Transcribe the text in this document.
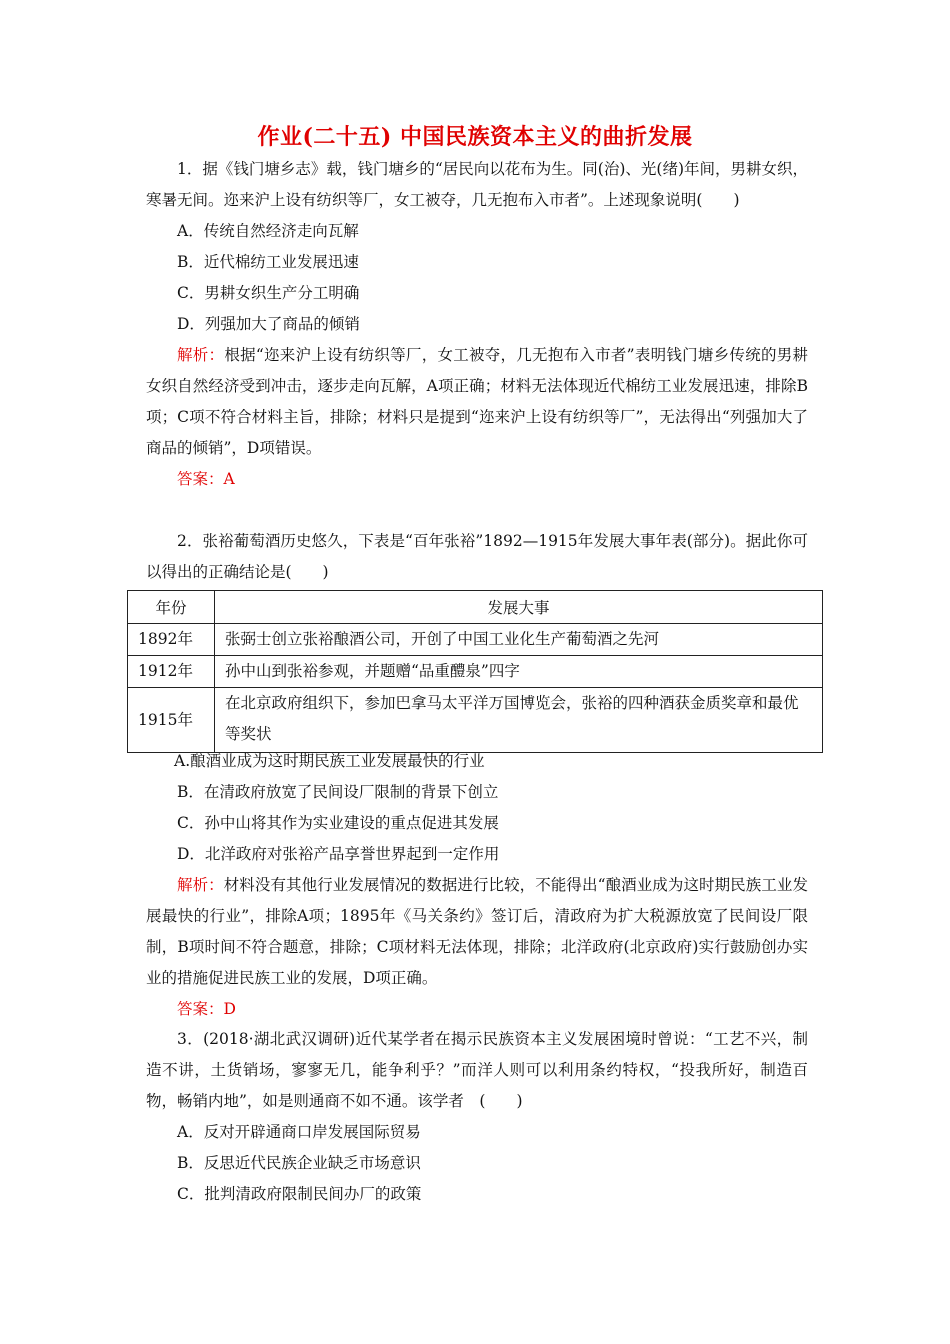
作业(二十五) 中国民族资本主义的曲折发展

1．据《钱门塘乡志》载，钱门塘乡的“居民向以花布为生。同(治)、光(绪)年间，男耕女织，寒暑无间。迩来沪上设有纺织等厂，女工被夺，几无抱布入市者”。上述现象说明(　　)

A．传统自然经济走向瓦解

B．近代棉纺工业发展迅速

C．男耕女织生产分工明确

D．列强加大了商品的倾销

解析：根据“迩来沪上设有纺织等厂，女工被夺，几无抱布入市者”表明钱门塘乡传统的男耕女织自然经济受到冲击，逐步走向瓦解，A项正确；材料无法体现近代棉纺工业发展迅速，排除B项；C项不符合材料主旨，排除；材料只是提到“迩来沪上设有纺织等厂”，无法得出“列强加大了商品的倾销”，D项错误。

答案：A

2．张裕葡萄酒历史悠久，下表是“百年张裕”1892—1915年发展大事年表(部分)。据此你可以得出的正确结论是(　　)

年份	发展大事
1892年	张弼士创立张裕酿酒公司，开创了中国工业化生产葡萄酒之先河
1912年	孙中山到张裕参观，并题赠“品重醴泉”四字
1915年	在北京政府组织下，参加巴拿马太平洋万国博览会，张裕的四种酒获金质奖章和最优等奖状

A.酿酒业成为这时期民族工业发展最快的行业

B．在清政府放宽了民间设厂限制的背景下创立

C．孙中山将其作为实业建设的重点促进其发展

D．北洋政府对张裕产品享誉世界起到一定作用

解析：材料没有其他行业发展情况的数据进行比较，不能得出“酿酒业成为这时期民族工业发展最快的行业”，排除A项；1895年《马关条约》签订后，清政府为扩大税源放宽了民间设厂限制，B项时间不符合题意，排除；C项材料无法体现，排除；北洋政府(北京政府)实行鼓励创办实业的措施促进民族工业的发展，D项正确。

答案：D

3．(2018·湖北武汉调研)近代某学者在揭示民族资本主义发展困境时曾说：“工艺不兴，制造不讲，土货销场，寥寥无几，能争利乎？”而洋人则可以利用条约特权，“投我所好，制造百物，畅销内地”，如是则通商不如不通。该学者　(　　)

A．反对开辟通商口岸发展国际贸易

B．反思近代民族企业缺乏市场意识

C．批判清政府限制民间办厂的政策
